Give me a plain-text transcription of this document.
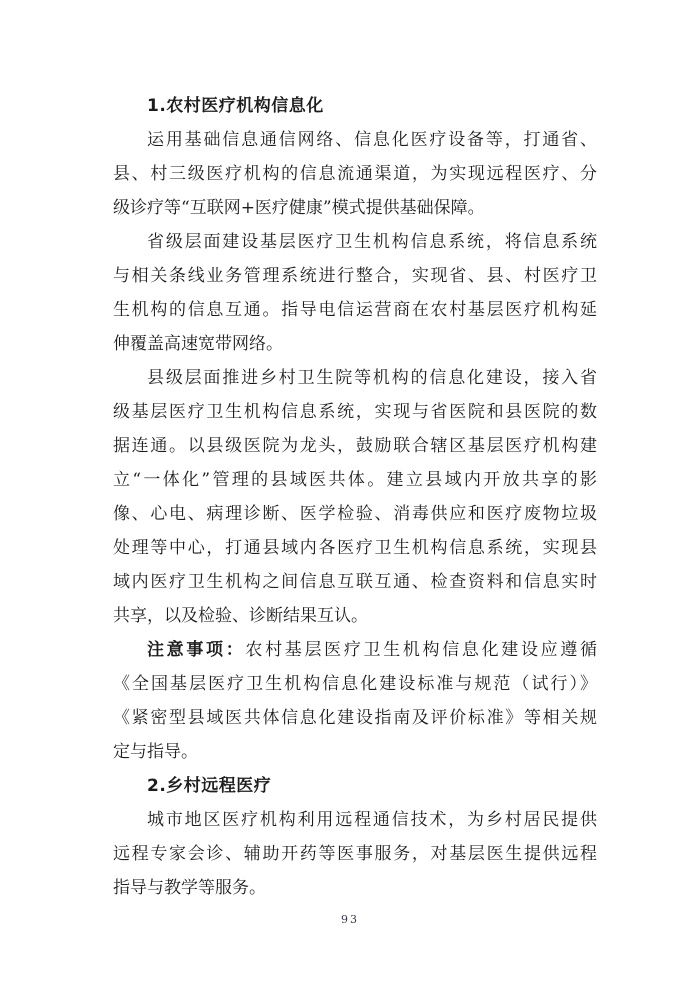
1.农村医疗机构信息化
运用基础信息通信网络、信息化医疗设备等，打通省、
县、村三级医疗机构的信息流通渠道，为实现远程医疗、分
级诊疗等“互联网+医疗健康”模式提供基础保障。
省级层面建设基层医疗卫生机构信息系统，将信息系统
与相关条线业务管理系统进行整合，实现省、县、村医疗卫
生机构的信息互通。指导电信运营商在农村基层医疗机构延
伸覆盖高速宽带网络。
县级层面推进乡村卫生院等机构的信息化建设，接入省
级基层医疗卫生机构信息系统，实现与省医院和县医院的数
据连通。以县级医院为龙头，鼓励联合辖区基层医疗机构建
立“一体化”管理的县域医共体。建立县域内开放共享的影
像、心电、病理诊断、医学检验、消毒供应和医疗废物垃圾
处理等中心，打通县域内各医疗卫生机构信息系统，实现县
域内医疗卫生机构之间信息互联互通、检查资料和信息实时
共享，以及检验、诊断结果互认。
注意事项：农村基层医疗卫生机构信息化建设应遵循
《全国基层医疗卫生机构信息化建设标准与规范（试行）》
《紧密型县域医共体信息化建设指南及评价标准》等相关规
定与指导。
2.乡村远程医疗
城市地区医疗机构利用远程通信技术，为乡村居民提供
远程专家会诊、辅助开药等医事服务，对基层医生提供远程
指导与教学等服务。
93
